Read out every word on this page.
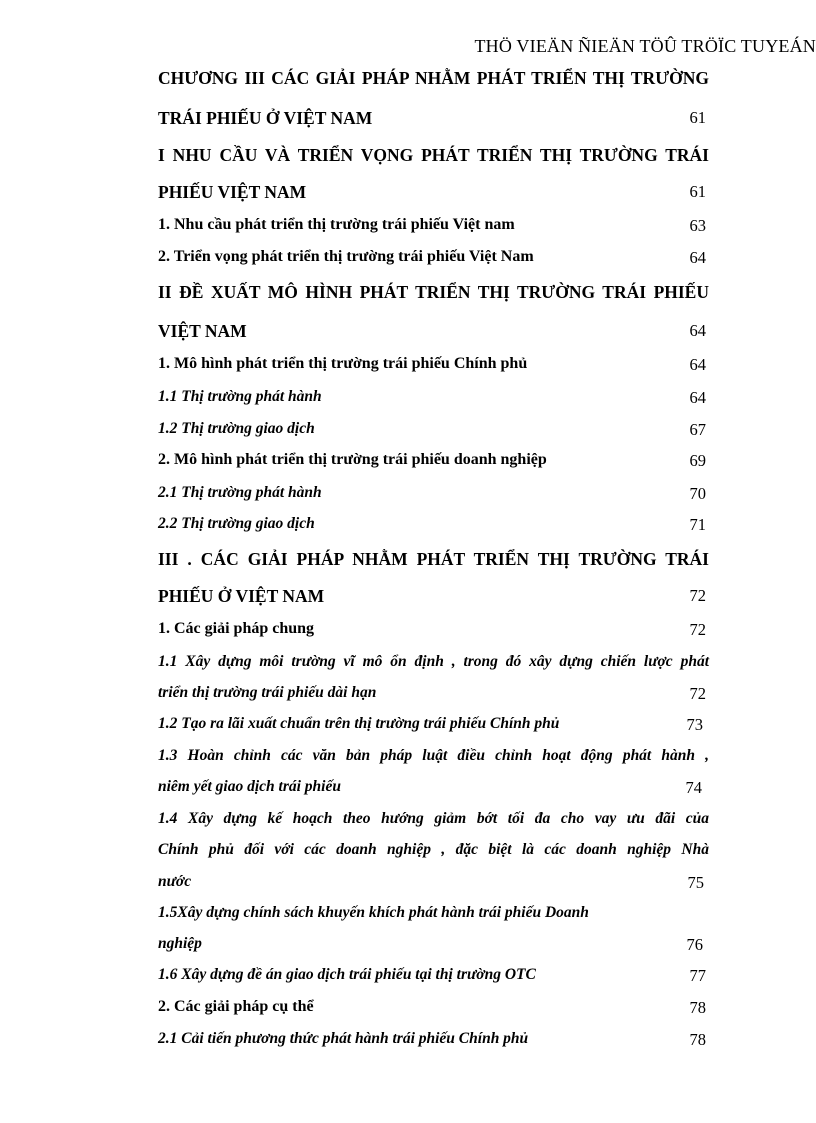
THÖ VIEÄN ÑIEÄN TÖÛ TRÖÏC TUYEÁN
CHƯƠNG III CÁC GIẢI PHÁP NHẰM PHÁT TRIỂN THỊ TRƯỜNG
TRÁI PHIẾU Ở VIỆT NAM	61
I NHU CẦU VÀ TRIỂN VỌNG PHÁT TRIỂN THỊ TRƯỜNG TRÁI
PHIẾU VIỆT NAM	61
1. Nhu cầu phát triển thị trường trái phiếu Việt nam	63
2. Triển vọng phát triển thị trường trái phiếu Việt Nam	64
II ĐỀ XUẤT MÔ HÌNH PHÁT TRIỂN THỊ TRƯỜNG TRÁI PHIẾU
VIỆT NAM	64
1. Mô hình phát triển thị trường trái phiếu Chính phủ	64
1.1 Thị trường phát hành	64
1.2 Thị trường giao dịch	67
2. Mô hình phát triển thị trường trái phiếu doanh nghiệp	69
2.1 Thị trường phát hành	70
2.2 Thị trường giao dịch	71
III . CÁC GIẢI PHÁP NHẰM PHÁT TRIỂN THỊ TRƯỜNG TRÁI
PHIẾU Ở VIỆT NAM	72
1. Các giải pháp chung	72
1.1 Xây dựng môi trường vĩ mô ổn định , trong đó xây dựng chiến lược phát
triển thị trường trái phiếu dài hạn	72
1.2 Tạo ra lãi xuất chuẩn trên thị trường trái phiếu Chính phủ	73
1.3 Hoàn chỉnh các văn bản pháp luật điều chỉnh hoạt động phát hành ,
niêm yết giao dịch trái phiếu	74
1.4 Xây dựng kế hoạch theo hướng giảm bớt tối đa cho vay ưu đãi của
Chính phủ đối với các doanh nghiệp , đặc biệt là các doanh nghiệp Nhà
nước	75
1.5Xây dựng chính sách khuyến khích phát hành trái phiếu Doanh
nghiệp	76
1.6 Xây dựng đề án giao dịch trái phiếu tại thị trường OTC	77
2. Các giải pháp cụ thể	78
2.1 Cải tiến phương thức phát hành trái phiếu Chính phủ	78
